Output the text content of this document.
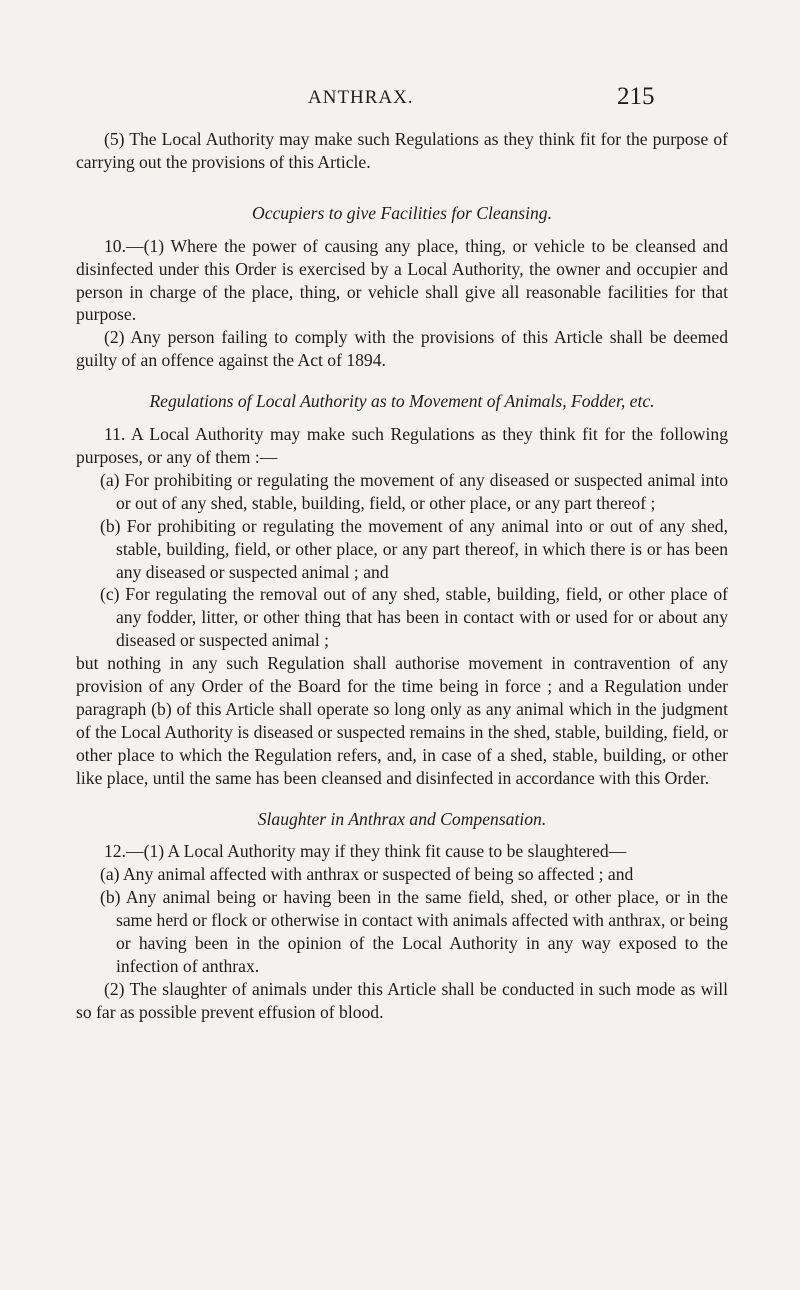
ANTHRAX.	215

(5) The Local Authority may make such Regulations as they think fit for the purpose of carrying out the provisions of this Article.

Occupiers to give Facilities for Cleansing.

10.—(1) Where the power of causing any place, thing, or vehicle to be cleansed and disinfected under this Order is exercised by a Local Authority, the owner and occupier and person in charge of the place, thing, or vehicle shall give all reasonable facilities for that purpose.

(2) Any person failing to comply with the provisions of this Article shall be deemed guilty of an offence against the Act of 1894.

Regulations of Local Authority as to Movement of Animals, Fodder, etc.

11. A Local Authority may make such Regulations as they think fit for the following purposes, or any of them :—

(a) For prohibiting or regulating the movement of any diseased or suspected animal into or out of any shed, stable, building, field, or other place, or any part thereof ;

(b) For prohibiting or regulating the movement of any animal into or out of any shed, stable, building, field, or other place, or any part thereof, in which there is or has been any diseased or suspected animal ; and

(c) For regulating the removal out of any shed, stable, building, field, or other place of any fodder, litter, or other thing that has been in contact with or used for or about any diseased or suspected animal ;

but nothing in any such Regulation shall authorise movement in contravention of any provision of any Order of the Board for the time being in force ; and a Regulation under paragraph (b) of this Article shall operate so long only as any animal which in the judgment of the Local Authority is diseased or suspected remains in the shed, stable, building, field, or other place to which the Regulation refers, and, in case of a shed, stable, building, or other like place, until the same has been cleansed and disinfected in accordance with this Order.

Slaughter in Anthrax and Compensation.

12.—(1) A Local Authority may if they think fit cause to be slaughtered—

(a) Any animal affected with anthrax or suspected of being so affected ; and

(b) Any animal being or having been in the same field, shed, or other place, or in the same herd or flock or otherwise in contact with animals affected with anthrax, or being or having been in the opinion of the Local Authority in any way exposed to the infection of anthrax.

(2) The slaughter of animals under this Article shall be conducted in such mode as will so far as possible prevent effusion of blood.
